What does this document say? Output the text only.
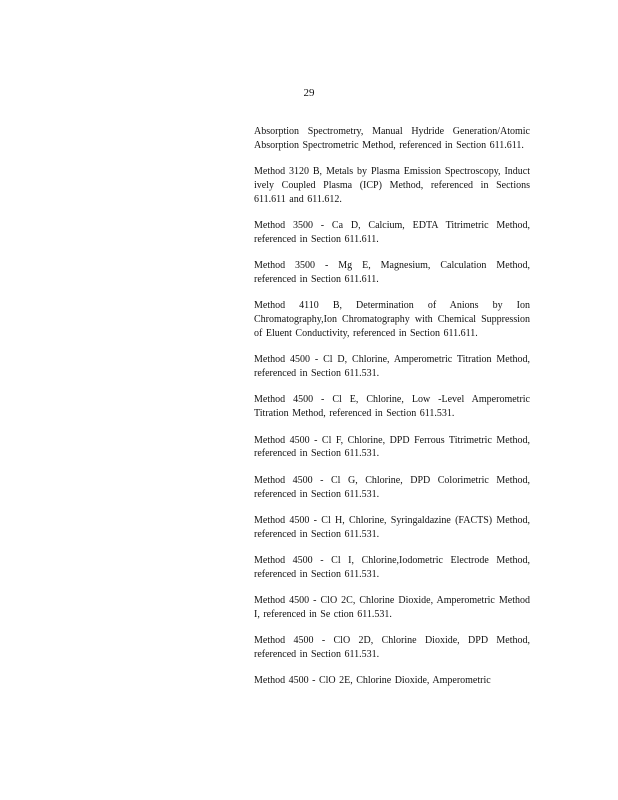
29

Absorption Spectrometry, Manual Hydride Generation/Atomic Absorption Spectrometric Method, referenced in Section 611.611.

Method 3120 B, Metals by Plasma Emission Spectroscopy, Induct ively Coupled Plasma (ICP) Method, referenced in Sections 611.611 and 611.612.

Method 3500 - Ca D, Calcium, EDTA Titrimetric Method, referenced in Section 611.611.

Method 3500 - Mg E, Magnesium, Calculation Method, referenced in Section 611.611.

Method 4110 B, Determination of Anions by Ion Chromatography,Ion Chromatography with Chemical Suppression of Eluent Conductivity, referenced in Section 611.611.

Method 4500 - Cl D, Chlorine, Amperometric Titration Method, referenced in Section 611.531.

Method 4500 - Cl E, Chlorine, Low -Level Amperometric Titration Method, referenced in Section 611.531.

Method 4500 - Cl F, Chlorine, DPD Ferrous Titrimetric Method, referenced in Section 611.531.

Method 4500 - Cl G, Chlorine, DPD Colorimetric Method, referenced in Section 611.531.

Method 4500 - Cl H, Chlorine, Syringaldazine (FACTS) Method, referenced in Section 611.531.

Method 4500 - Cl I, Chlorine,Iodometric Electrode Method, referenced in Section 611.531.

Method 4500 - ClO 2C, Chlorine Dioxide, Amperometric Method I, referenced in Se ction 611.531.

Method 4500 - ClO 2D, Chlorine Dioxide, DPD Method, referenced in Section 611.531.

Method 4500 - ClO 2E, Chlorine Dioxide, Amperometric
